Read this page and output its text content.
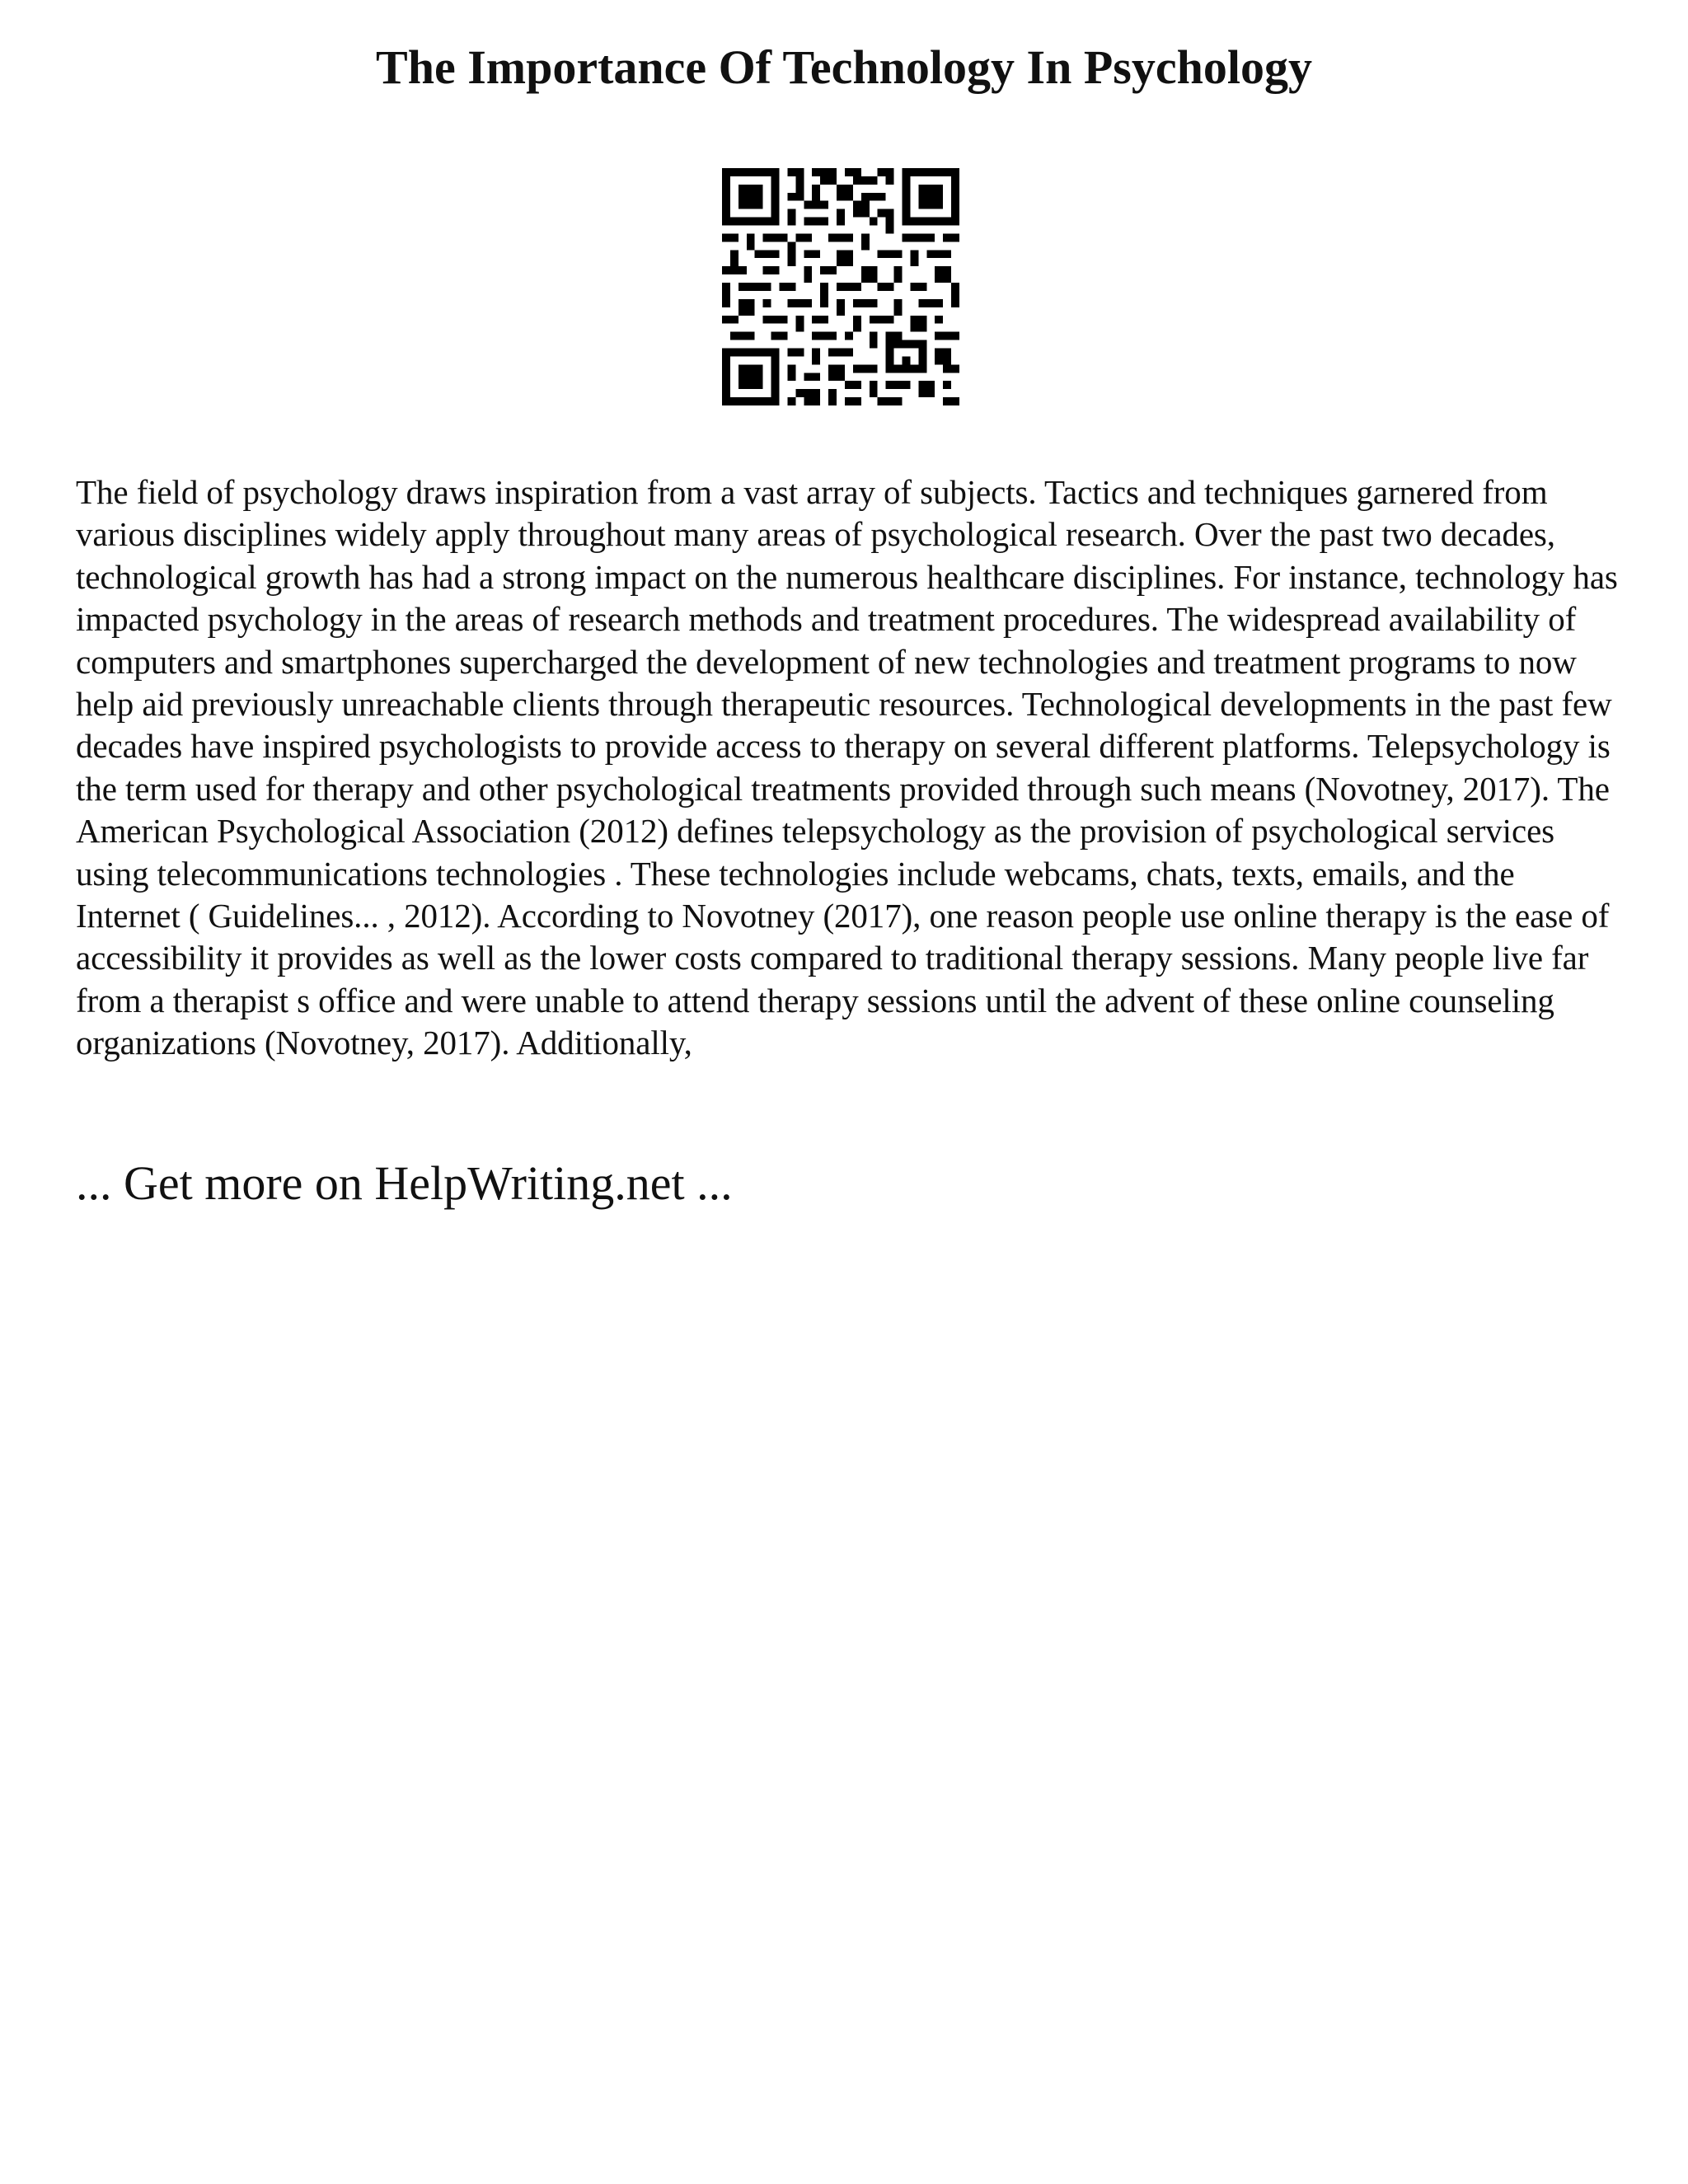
The Importance Of Technology In Psychology

The field of psychology draws inspiration from a vast array of subjects. Tactics and techniques garnered from various disciplines widely apply throughout many areas of psychological research. Over the past two decades, technological growth has had a strong impact on the numerous healthcare disciplines. For instance, technology has impacted psychology in the areas of research methods and treatment procedures. The widespread availability of computers and smartphones supercharged the development of new technologies and treatment programs to now help aid previously unreachable clients through therapeutic resources. Technological developments in the past few decades have inspired psychologists to provide access to therapy on several different platforms. Telepsychology is the term used for therapy and other psychological treatments provided through such means (Novotney, 2017). The American Psychological Association (2012) defines telepsychology as the provision of psychological services using telecommunications technologies . These technologies include webcams, chats, texts, emails, and the Internet ( Guidelines... , 2012). According to Novotney (2017), one reason people use online therapy is the ease of accessibility it provides as well as the lower costs compared to traditional therapy sessions. Many people live far from a therapist s office and were unable to attend therapy sessions until the advent of these online counseling organizations (Novotney, 2017). Additionally,

... Get more on HelpWriting.net ...
